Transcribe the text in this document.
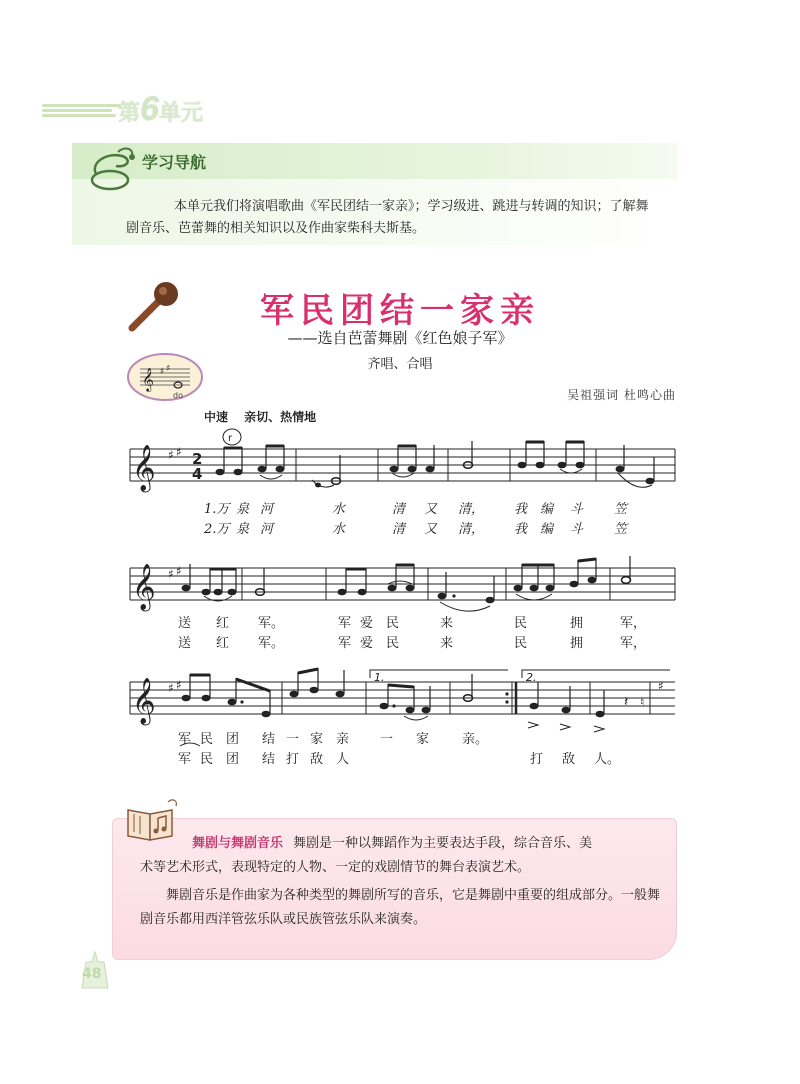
第6单元
学习导航
本单元我们将演唱歌曲《军民团结一家亲》；学习级进、跳进与转调的知识；了解舞
剧音乐、芭蕾舞的相关知识以及作曲家柴科夫斯基。
军民团结一家亲
——选自芭蕾舞剧《红色娘子军》
齐唱、合唱
𝄞 ♯ ♯
do	吴祖强词 杜鸣心曲
中速　 亲切、热情地
𝄞 ♯ ♯ 2
4
r
1.万 泉 河	水	清 又 清， 我 编 斗 笠
2.万 泉 河	水	清 又 清， 我 编 斗 笠
𝄞 ♯ ♯
送 红 军。	军 爱 民	来	民	拥	军，
送 红 军。	军 爱 民	来	民	拥	军，
1.	2.
𝄞 ♯ ♯	♯
♮
𝄽
军 民 团 结 一 家 亲 一 家	亲。
军 民 团 结 打 敌 人	打 敌 人。
舞剧与舞剧音乐 舞剧是一种以舞蹈作为主要表达手段，综合音乐、美
术等艺术形式，表现特定的人物、一定的戏剧情节的舞台表演艺术。
舞剧音乐是作曲家为各种类型的舞剧所写的音乐，它是舞剧中重要的组成部分。一般舞剧音乐都用西洋管弦乐队或民族管弦乐队来演奏。
48
